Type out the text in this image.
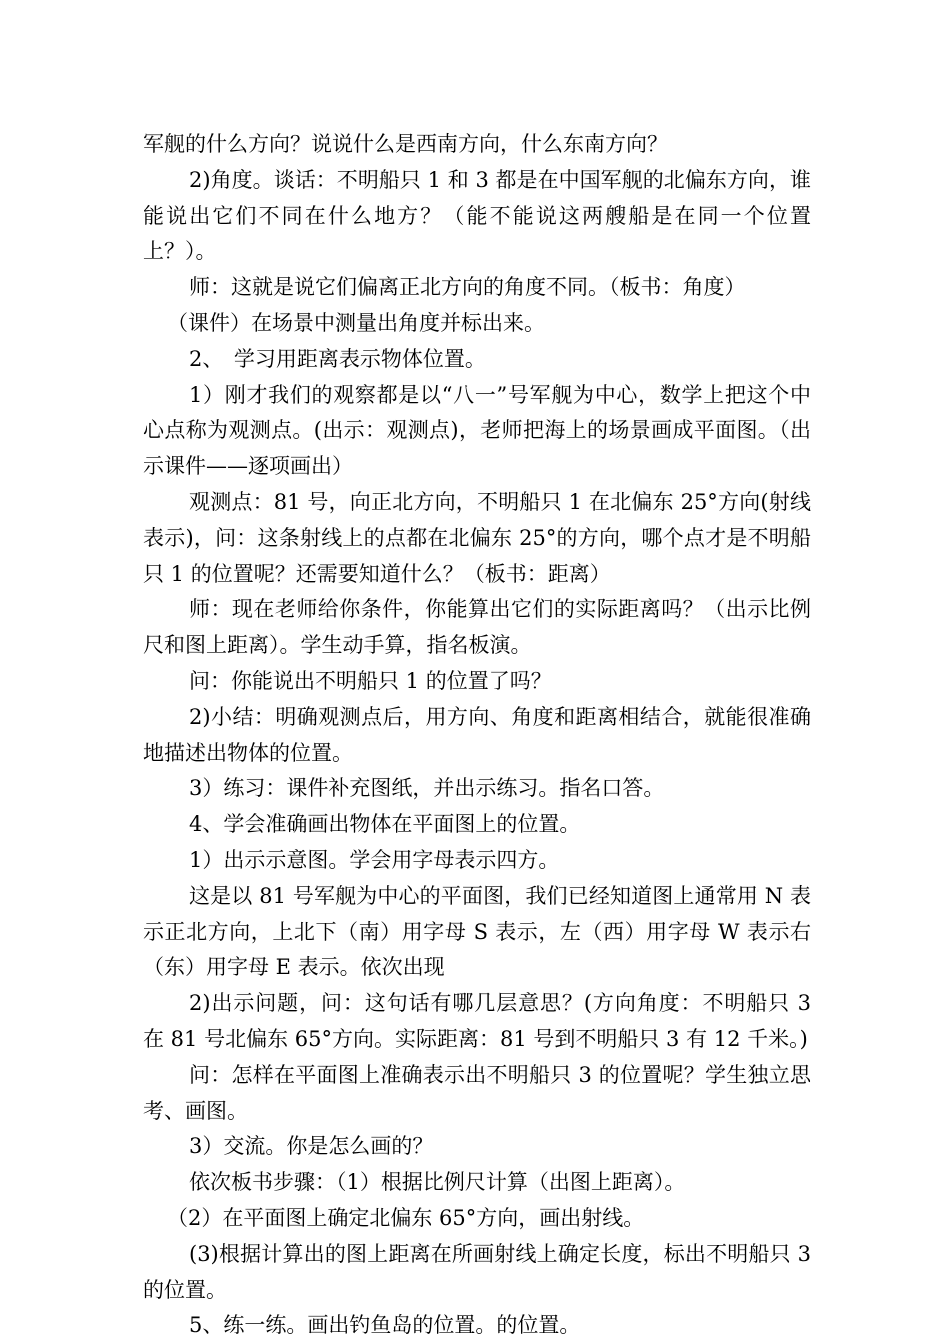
军舰的什么方向？说说什么是西南方向，什么东南方向？

2)角度。谈话：不明船只 1 和 3 都是在中国军舰的北偏东方向，谁能说出它们不同在什么地方？（能不能说这两艘船是在同一个位置上？）。

师：这就是说它们偏离正北方向的角度不同。（板书：角度）

（课件）在场景中测量出角度并标出来。

2、　学习用距离表示物体位置。

1）刚才我们的观察都是以“八一”号军舰为中心，数学上把这个中心点称为观测点。(出示：观测点)，老师把海上的场景画成平面图。（出示课件——逐项画出）

观测点：81 号，向正北方向，不明船只 1 在北偏东 25°方向(射线表示)，问：这条射线上的点都在北偏东 25°的方向，哪个点才是不明船只 1 的位置呢？还需要知道什么？（板书：距离）

师：现在老师给你条件，你能算出它们的实际距离吗？（出示比例尺和图上距离）。学生动手算，指名板演。

问：你能说出不明船只 1 的位置了吗？

2)小结：明确观测点后，用方向、角度和距离相结合，就能很准确地描述出物体的位置。

3）练习：课件补充图纸，并出示练习。指名口答。

4、学会准确画出物体在平面图上的位置。

1）出示示意图。学会用字母表示四方。

这是以 81 号军舰为中心的平面图，我们已经知道图上通常用 N 表示正北方向，上北下（南）用字母 S 表示，左（西）用字母 W 表示右（东）用字母 E 表示。依次出现

2)出示问题，问：这句话有哪几层意思？(方向角度：不明船只 3 在 81 号北偏东 65°方向。实际距离：81 号到不明船只 3 有 12 千米。)

问：怎样在平面图上准确表示出不明船只 3 的位置呢？学生独立思考、画图。

3）交流。你是怎么画的？

依次板书步骤：（1）根据比例尺计算（出图上距离）。

（2）在平面图上确定北偏东 65°方向，画出射线。

(3)根据计算出的图上距离在所画射线上确定长度，标出不明船只 3 的位置。

5、练一练。画出钓鱼岛的位置。的位置。
